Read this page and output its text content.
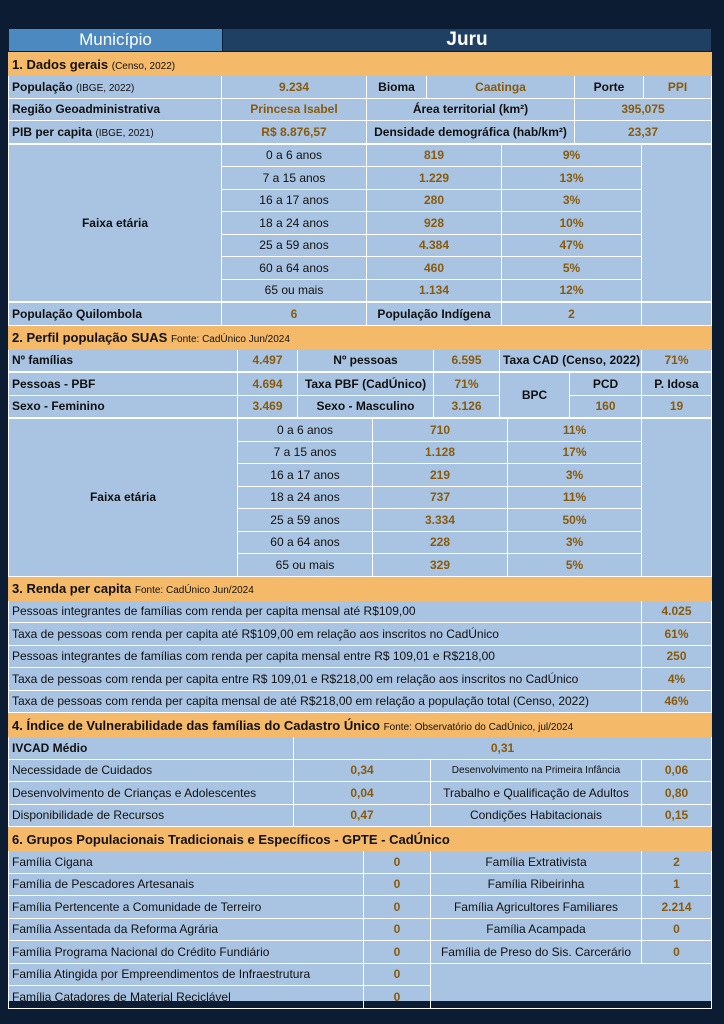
Município	Juru
1. Dados gerais (Censo, 2022)					
População (IBGE, 2022)	9.234	Bioma	Caatinga	Porte	PPI
Região Geoadministrativa	Princesa Isabel	Área territorial (km²)		395,075	
PIB per capita (IBGE, 2021)	R$ 8.876,57	Densidade demográfica (hab/km²)		23,37	
Faixa etária	0 a 6 anos	819	9%	
	7 a 15 anos	1.229	13%	
	16 a 17 anos	280	3%	
	18 a 24 anos	928	10%	
	25 a 59 anos	4.384	47%	
	60 a 64 anos	460	5%	
	65 ou mais	1.134	12%	
População Quilombola	6	População Indígena	2	
2. Perfil população SUAS Fonte: CadÚnico Jun/2024
Nº famílias	4.497	Nº pessoas	6.595	Taxa CAD (Censo, 2022)	71%
Pessoas - PBF	4.694	Taxa PBF (CadÚnico)	71%	BPC	PCD	P. Idosa
Sexo - Feminino	3.469	Sexo - Masculino	3.126		160	19
Faixa etária	0 a 6 anos	710	11%	
	7 a 15 anos	1.128	17%	
	16 a 17 anos	219	3%	
	18 a 24 anos	737	11%	
	25 a 59 anos	3.334	50%	
	60 a 64 anos	228	3%	
	65 ou mais	329	5%	
3. Renda per capita Fonte: CadÚnico Jun/2024	
Pessoas integrantes de famílias com renda per capita mensal até R$109,00	4.025
Taxa de pessoas com renda per capita até R$109,00 em relação aos inscritos no CadÚnico	61%
Pessoas integrantes de famílias com renda per capita mensal entre R$ 109,01 e R$218,00	250
Taxa de pessoas com renda per capita entre R$ 109,01 e R$218,00 em relação aos inscritos no CadÚnico	4%
Taxa de pessoas com renda per capita mensal de até R$218,00 em relação a população total (Censo, 2022)	46%
4. Índice de Vulnerabilidade das famílias do Cadastro Único Fonte: Observatório do CadÚnico, jul/2024			
IVCAD Médio	0,31		
Necessidade de Cuidados	0,34	Desenvolvimento na Primeira Infância	0,06
Desenvolvimento de Crianças e Adolescentes	0,04	Trabalho e Qualificação de Adultos	0,80
Disponibilidade de Recursos	0,47	Condições Habitacionais	0,15
6. Grupos Populacionais Tradicionais e Específicos - GPTE - CadÚnico			
Família Cigana	0	Família Extrativista	2
Família de Pescadores Artesanais	0	Família Ribeirinha	1
Família Pertencente a Comunidade de Terreiro	0	Família Agricultores Familiares	2.214
Família Assentada da Reforma Agrária	0	Família Acampada	0
Família Programa Nacional do Crédito Fundiário	0	Família de Preso do Sis. Carcerário	0
Família Atingida por Empreendimentos de Infraestrutura	0		
Família Catadores de Material Reciclável	0		
